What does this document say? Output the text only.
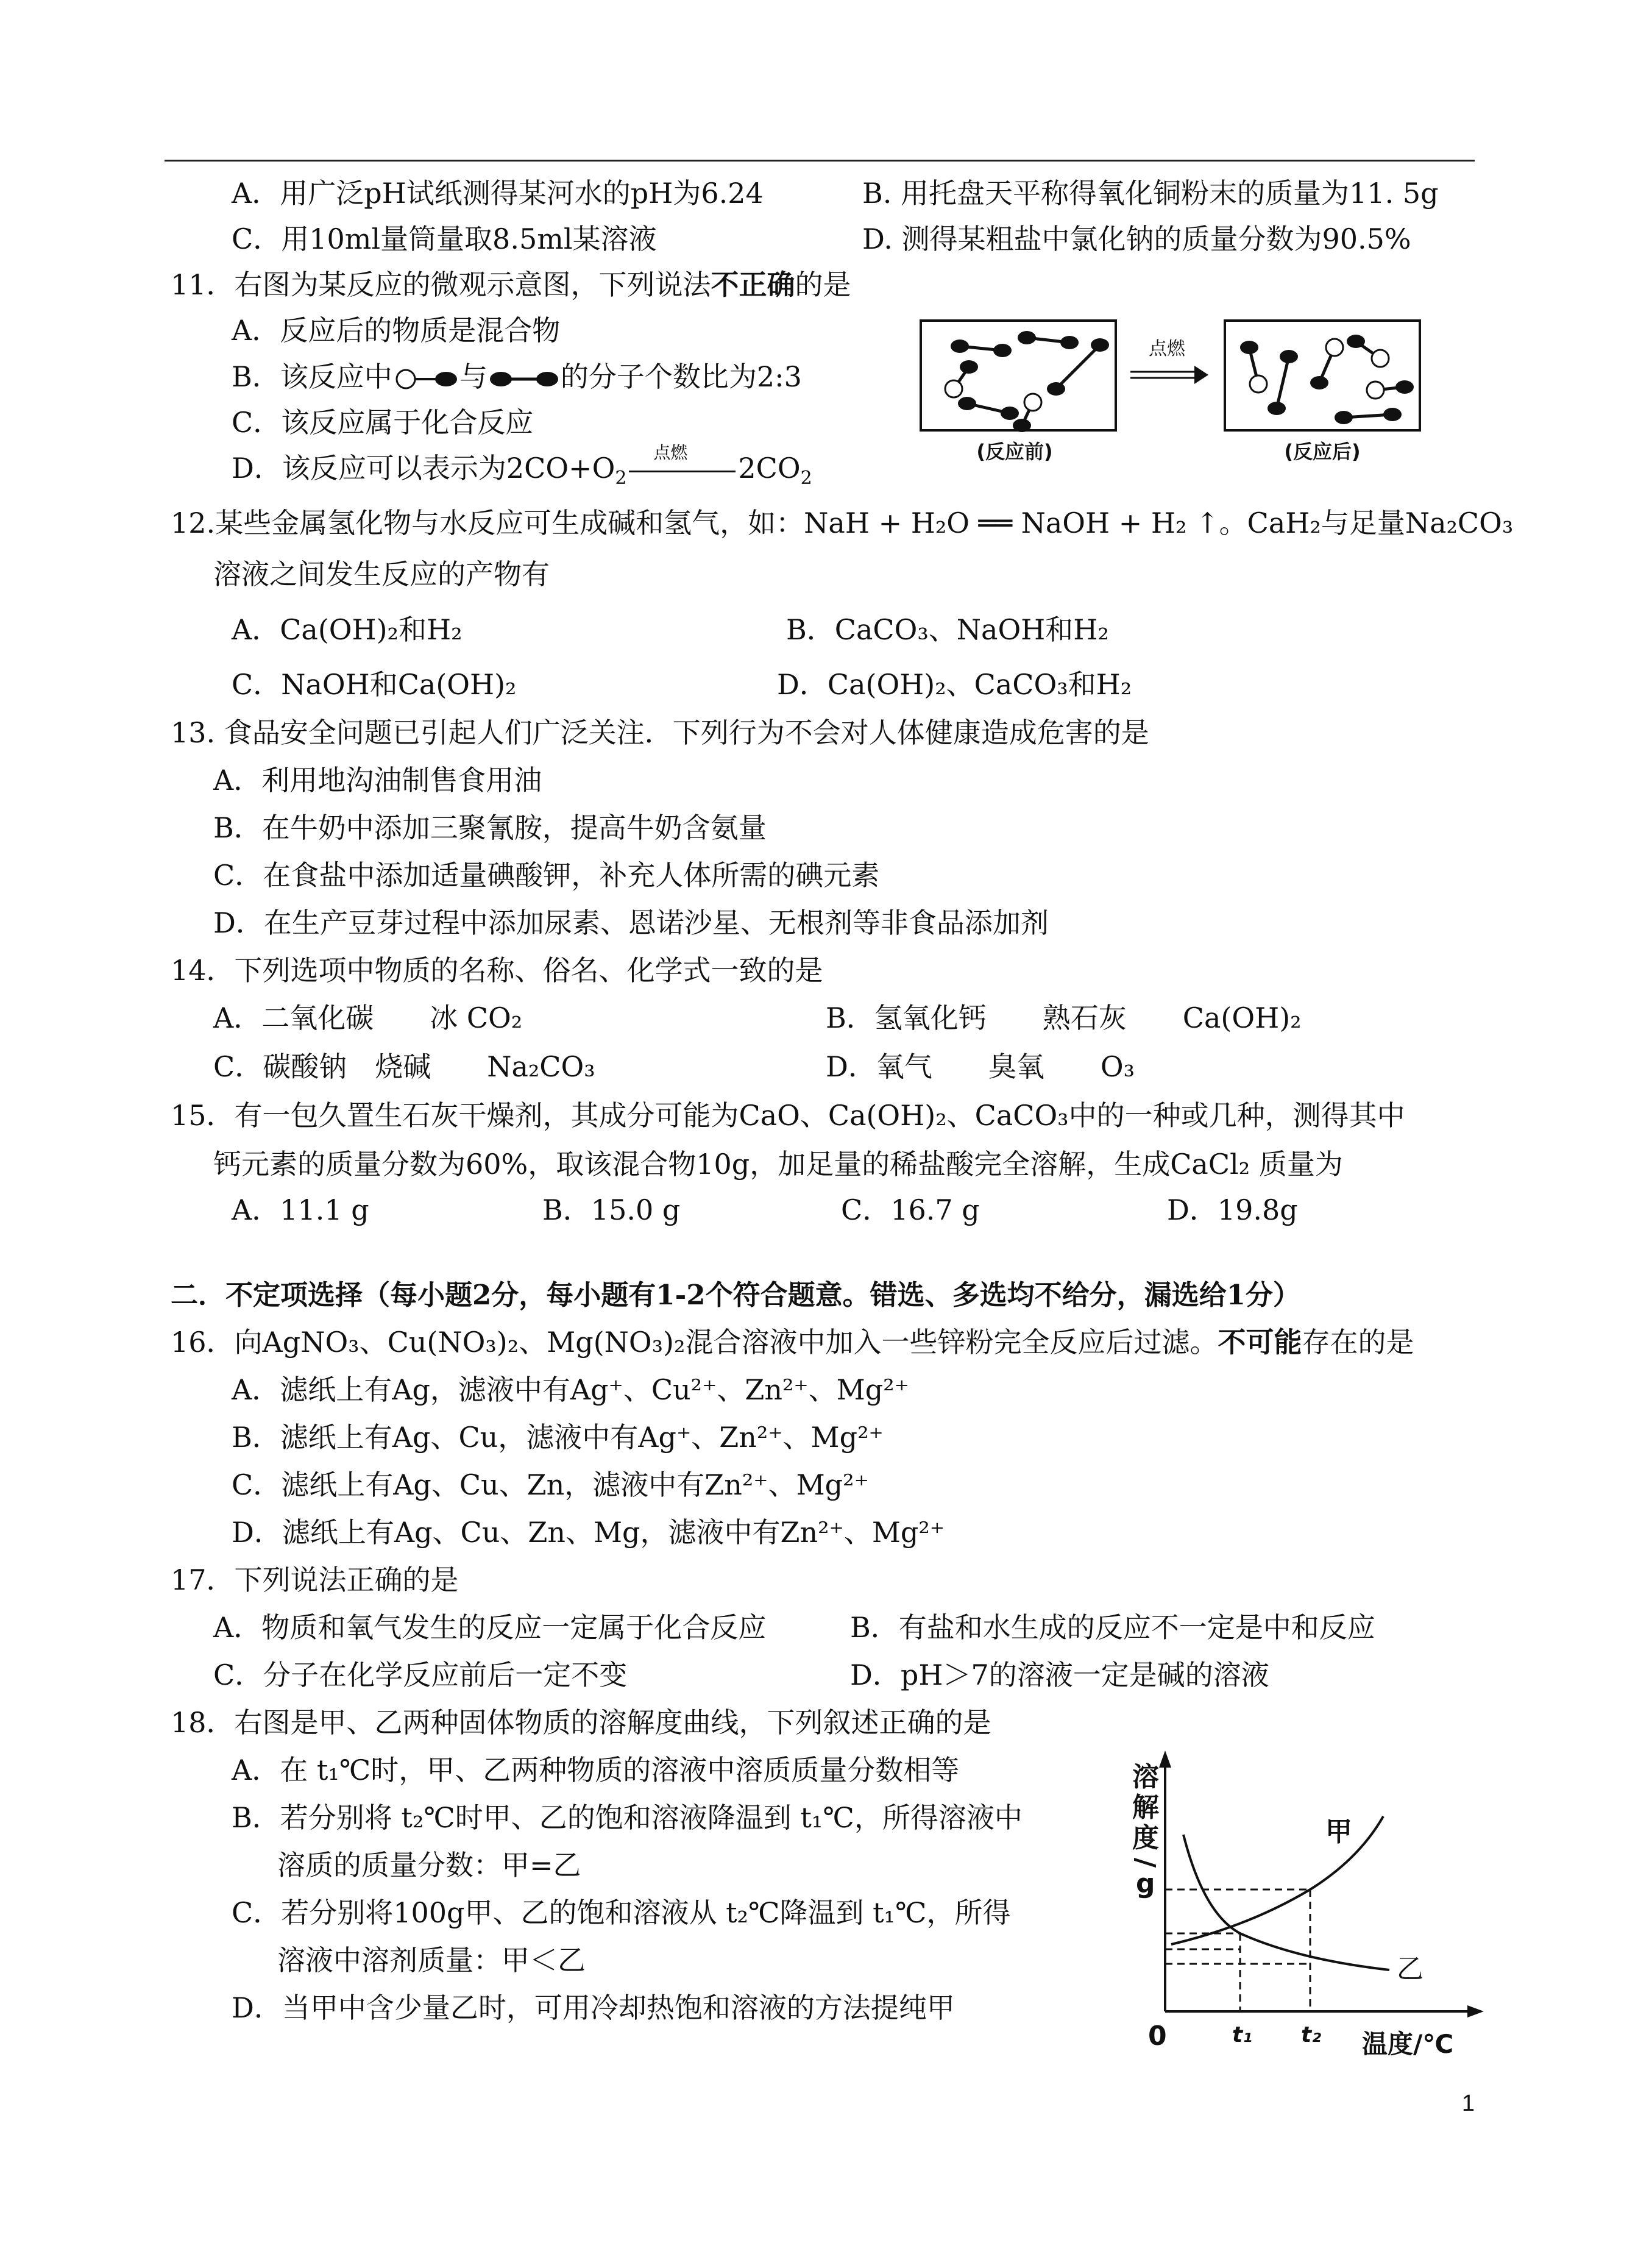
A．用广泛pH试纸测得某河水的pH为6.24	B. 用托盘天平称得氧化铜粉末的质量为11. 5g
C．用10ml量筒量取8.5ml某溶液	D. 测得某粗盐中氯化钠的质量分数为90.5%
11．右图为某反应的微观示意图，下列说法不正确的是
A．反应后的物质是混合物
B．该反应中 与	的分子个数比为2:3
C．该反应属于化合反应
D．该反应可以表示为$2CO+O_2$
点燃 $2CO_2$
点燃
(反应前)	(反应后)
12.某些金属氢化物与水反应可生成碱和氢气，如：NaH + H₂O ══ NaOH + H₂ ↑。CaH₂与足量Na₂CO₃
溶液之间发生反应的产物有
A．Ca(OH)₂和H₂	B．CaCO₃、NaOH和H₂
C．NaOH和Ca(OH)₂	D．Ca(OH)₂、CaCO₃和H₂
13. 食品安全问题已引起人们广泛关注．下列行为不会对人体健康造成危害的是
A．利用地沟油制售食用油
B．在牛奶中添加三聚氰胺，提高牛奶含氨量
C．在食盐中添加适量碘酸钾，补充人体所需的碘元素
D．在生产豆芽过程中添加尿素、恩诺沙星、无根剂等非食品添加剂
14．下列选项中物质的名称、俗名、化学式一致的是
A．二氧化碳　　冰 CO₂	B．氢氧化钙　　熟石灰　　Ca(OH)₂
C．碳酸钠　烧碱　　Na₂CO₃	D．氧气　　臭氧　　O₃
15．有一包久置生石灰干燥剂，其成分可能为CaO、Ca(OH)₂、CaCO₃中的一种或几种，测得其中
钙元素的质量分数为60%，取该混合物10g，加足量的稀盐酸完全溶解，生成CaCl₂ 质量为
A．11.1 g	B．15.0 g	C．16.7 g	D．19.8g
二．不定项选择（每小题2分，每小题有1-2个符合题意。错选、多选均不给分，漏选给1分）
16．向AgNO₃、Cu(NO₃)₂、Mg(NO₃)₂混合溶液中加入一些锌粉完全反应后过滤。不可能存在的是
A．滤纸上有Ag，滤液中有Ag⁺、Cu²⁺、Zn²⁺、Mg²⁺
B．滤纸上有Ag、Cu，滤液中有Ag⁺、Zn²⁺、Mg²⁺
C．滤纸上有Ag、Cu、Zn，滤液中有Zn²⁺、Mg²⁺
D．滤纸上有Ag、Cu、Zn、Mg，滤液中有Zn²⁺、Mg²⁺
17．下列说法正确的是
A．物质和氧气发生的反应一定属于化合反应	B．有盐和水生成的反应不一定是中和反应
C．分子在化学反应前后一定不变	D．pH＞7的溶液一定是碱的溶液
18．右图是甲、乙两种固体物质的溶解度曲线，下列叙述正确的是
A．在 t₁℃时，甲、乙两种物质的溶液中溶质质量分数相等
B．若分别将 t₂℃时甲、乙的饱和溶液降温到 t₁℃，所得溶液中
溶质的质量分数：甲=乙
C．若分别将100g甲、乙的饱和溶液从 t₂℃降温到 t₁℃，所得
溶液中溶剂质量：甲＜乙
D．当甲中含少量乙时，可用冷却热饱和溶液的方法提纯甲
溶
解
度
/
g
甲
乙
0	t₁ t₂ 温度/℃
1
